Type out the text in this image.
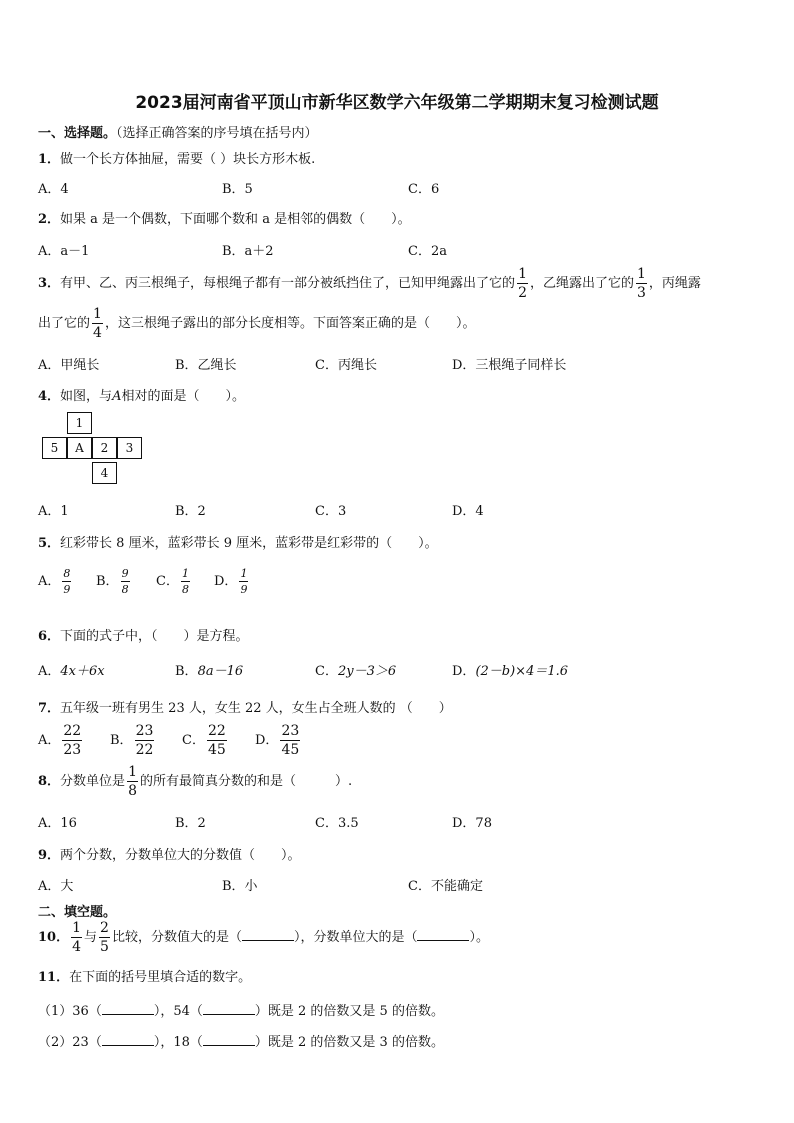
2023届河南省平顶山市新华区数学六年级第二学期期末复习检测试题
一、选择题。（选择正确答案的序号填在括号内）
1．做一个长方体抽屉，需要（ ）块长方形木板.
A．4	B．5	C．6
2．如果 a 是一个偶数，下面哪个数和 a 是相邻的偶数（　　）。
A．a－1	B．a＋2	C．2a
3．有甲、乙、丙三根绳子，每根绳子都有一部分被纸挡住了，已知甲绳露出了它的 $\frac{1}{2}$ ，乙绳露出了它的 $\frac{1}{3}$ ，丙绳露
出了它的 $\frac{1}{4}$ ，这三根绳子露出的部分长度相等。下面答案正确的是（　　）。
A．甲绳长	B．乙绳长	C．丙绳长	D．三根绳子同样长
4．如图，与A相对的面是（　　）。
1
5	A	2	3
4
A．1	B．2	C．3	D．4
5．红彩带长 8 厘米，蓝彩带长 9 厘米，蓝彩带是红彩带的（　　）。
A． $\frac{8}{9}$ B． $\frac{9}{8}$ C． $\frac{1}{8}$ D． $\frac{1}{9}$
6．下面的式子中，（　　）是方程。
A．4x＋6x	B．8a－16	C．2y－3＞6	D．(2－b)×4＝1.6
7．五年级一班有男生 23 人，女生 22 人，女生占全班人数的 （　　）
A． $\frac{22}{23}$ B． $\frac{23}{22}$ C． $\frac{22}{45}$ D． $\frac{23}{45}$
8．分数单位是 $\frac{1}{8}$ 的所有最简真分数的和是（　　　）.
A．16	B．2	C．3.5	D．78
9．两个分数，分数单位大的分数值（　　）。
A．大	B．小	C．不能确定
二、填空题。
10． $\frac{1}{4}$ 与 $\frac{2}{5}$ 比较，分数值大的是（	），分数单位大的是（	）。
11．在下面的括号里填合适的数字。
（1）36（	），54（	）既是 2 的倍数又是 5 的倍数。
（2）23（	），18（	）既是 2 的倍数又是 3 的倍数。
